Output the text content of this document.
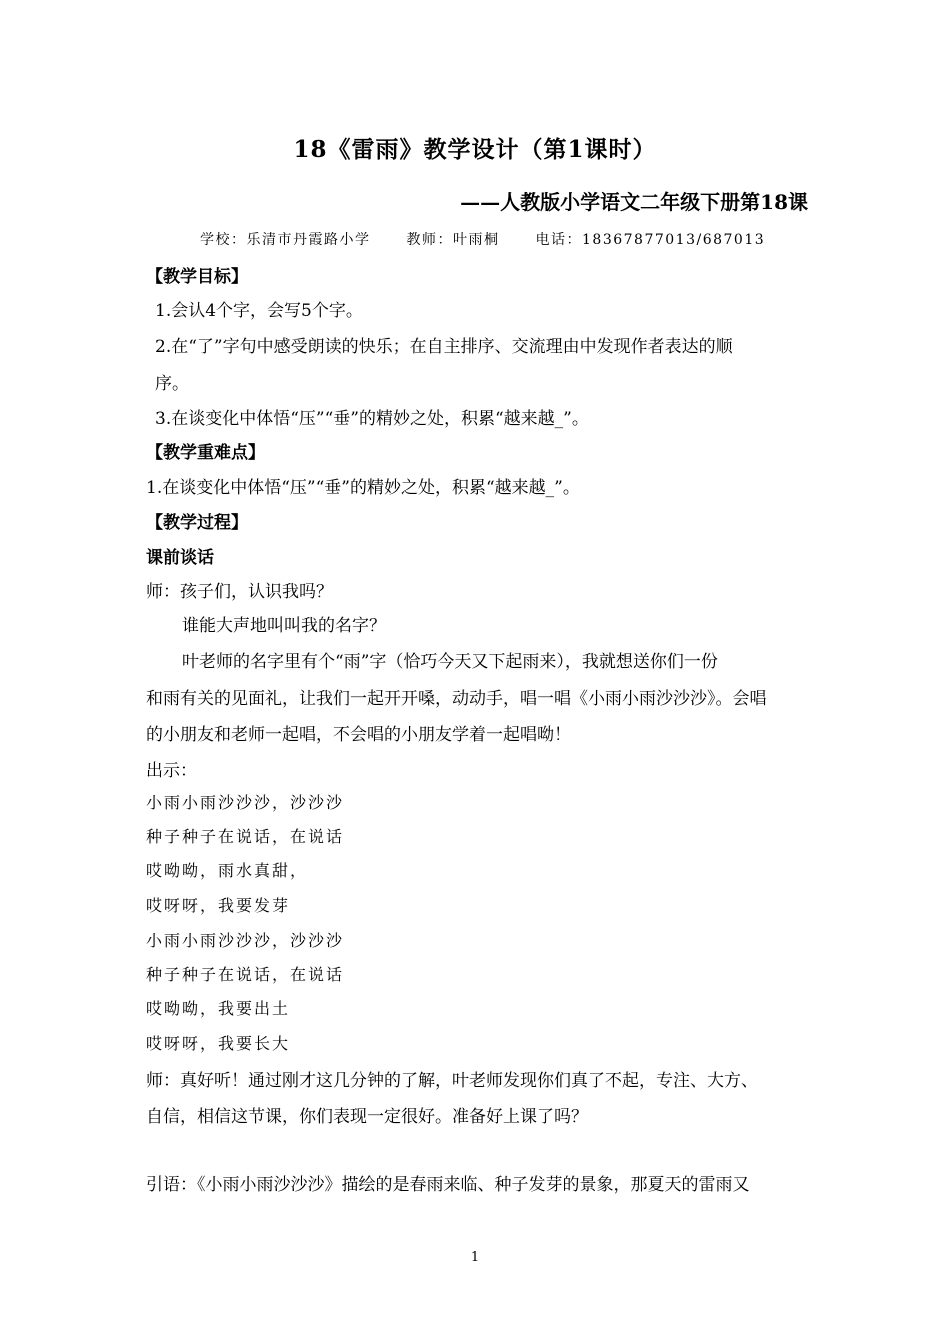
18《雷雨》教学设计（第1课时）
——人教版小学语文二年级下册第18课
学校：乐清市丹霞路小学	教师：叶雨桐	电话：18367877013/687013
【教学目标】
1.会认4个字，会写5个字。
2.在“了”字句中感受朗读的快乐；在自主排序、交流理由中发现作者表达的顺
序。
3.在谈变化中体悟“压”“垂”的精妙之处，积累“越来越_”。
【教学重难点】
1.在谈变化中体悟“压”“垂”的精妙之处，积累“越来越_”。
【教学过程】
课前谈话
师：孩子们，认识我吗？
谁能大声地叫叫我的名字？
叶老师的名字里有个“雨”字（恰巧今天又下起雨来），我就想送你们一份
和雨有关的见面礼，让我们一起开开嗓，动动手，唱一唱《小雨小雨沙沙沙》。会唱
的小朋友和老师一起唱，不会唱的小朋友学着一起唱呦！
出示：
小雨小雨沙沙沙，沙沙沙
种子种子在说话，在说话
哎呦呦，雨水真甜，
哎呀呀，我要发芽
小雨小雨沙沙沙，沙沙沙
种子种子在说话，在说话
哎呦呦，我要出土
哎呀呀，我要长大
师：真好听！通过刚才这几分钟的了解，叶老师发现你们真了不起，专注、大方、
自信，相信这节课，你们表现一定很好。准备好上课了吗？
引语：《小雨小雨沙沙沙》描绘的是春雨来临、种子发芽的景象，那夏天的雷雨又
1
